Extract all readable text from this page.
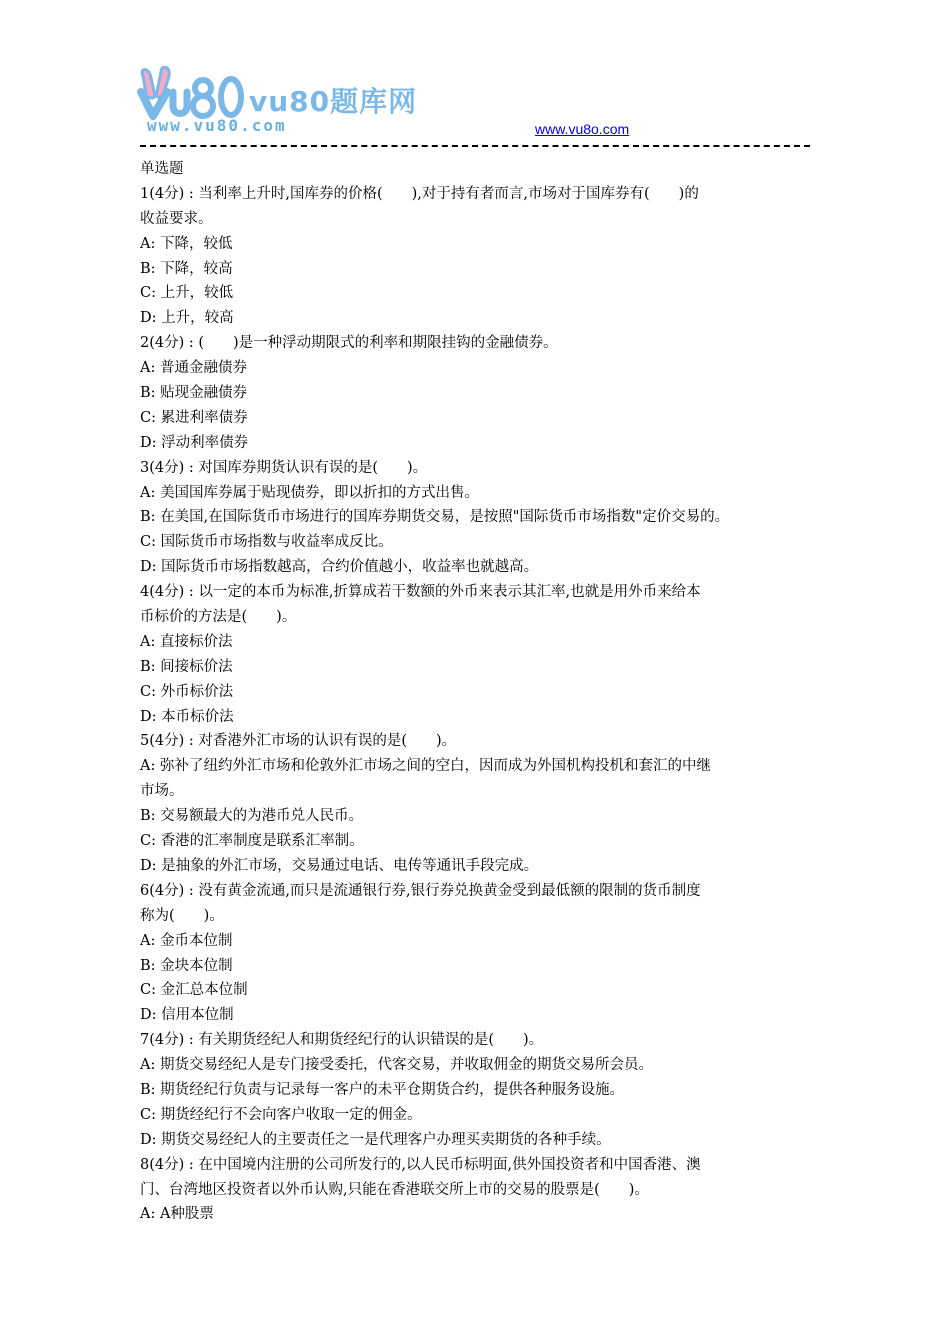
vu80题库网
www.vu80.com	www.vu8o.com
单选题
1(4分) : 当利率上升时,国库券的价格(　　),对于持有者而言,市场对于国库券有(　　)的
收益要求。
A: 下降，较低
B: 下降，较高
C: 上升，较低
D: 上升，较高
2(4分) : (　　)是一种浮动期限式的利率和期限挂钩的金融债券。
A: 普通金融债券
B: 贴现金融债券
C: 累进利率债券
D: 浮动利率债券
3(4分) : 对国库券期货认识有误的是(　　)。
A: 美国国库券属于贴现债券，即以折扣的方式出售。
B: 在美国,在国际货币市场进行的国库券期货交易，是按照"国际货币市场指数"定价交易的。
C: 国际货币市场指数与收益率成反比。
D: 国际货币市场指数越高，合约价值越小，收益率也就越高。
4(4分) : 以一定的本币为标准,折算成若干数额的外币来表示其汇率,也就是用外币来给本
币标价的方法是(　　)。
A: 直接标价法
B: 间接标价法
C: 外币标价法
D: 本币标价法
5(4分) : 对香港外汇市场的认识有误的是(　　)。
A: 弥补了纽约外汇市场和伦敦外汇市场之间的空白，因而成为外国机构投机和套汇的中继
市场。
B: 交易额最大的为港币兑人民币。
C: 香港的汇率制度是联系汇率制。
D: 是抽象的外汇市场，交易通过电话、电传等通讯手段完成。
6(4分) : 没有黄金流通,而只是流通银行券,银行券兑换黄金受到最低额的限制的货币制度
称为(　　)。
A: 金币本位制
B: 金块本位制
C: 金汇总本位制
D: 信用本位制
7(4分) : 有关期货经纪人和期货经纪行的认识错误的是(　　)。
A: 期货交易经纪人是专门接受委托，代客交易，并收取佣金的期货交易所会员。
B: 期货经纪行负责与记录每一客户的未平仓期货合约，提供各种服务设施。
C: 期货经纪行不会向客户收取一定的佣金。
D: 期货交易经纪人的主要责任之一是代理客户办理买卖期货的各种手续。
8(4分) : 在中国境内注册的公司所发行的,以人民币标明面,供外国投资者和中国香港、澳
门、台湾地区投资者以外币认购,只能在香港联交所上市的交易的股票是(　　)。
A: A种股票
